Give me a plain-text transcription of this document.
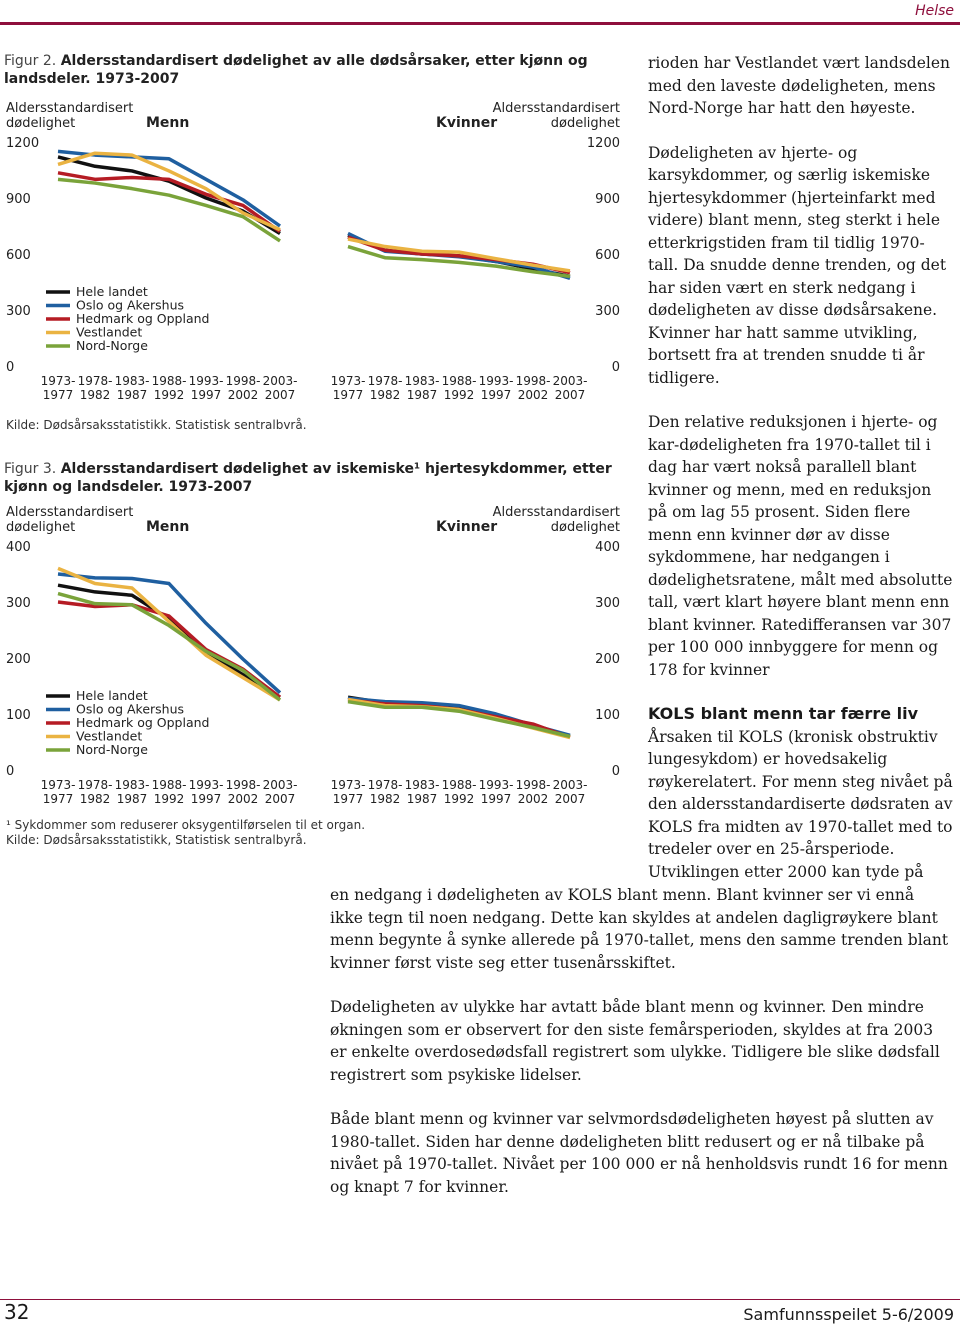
Helse
Figur 2. Aldersstandardisert dødelighet av alle dødsårsaker, etter kjønn og landsdeler. 1973-2007
Aldersstandardisert
dødelighet
Aldersstandardisert
dødelighet
Menn	Kvinner
0	0
300	300
600	600
900	900
1200	1200
1973-
1977
1978-
1982
1983-
1987
1988-
1992
1993-
1997
1998-
2002
2003-
2007
1973-
1977
1978-
1982
1983-
1987
1988-
1992
1993-
1997
1998-
2002
2003-
2007
Hele landet
Oslo og Akershus
Hedmark og Oppland
Vestlandet
Nord-Norge
Kilde: Dødsårsaksstatistikk. Statistisk sentralbvrå.
Figur 3. Aldersstandardisert dødelighet av iskemiske¹ hjertesykdommer, etter kjønn og landsdeler. 1973-2007
Aldersstandardisert
dødelighet
Aldersstandardisert
dødelighet
Menn	Kvinner
0	0
100	100
200	200
300	300
400	400
1973-
1977
1978-
1982
1983-
1987
1988-
1992
1993-
1997
1998-
2002
2003-
2007
1973-
1977
1978-
1982
1983-
1987
1988-
1992
1993-
1997
1998-
2002
2003-
2007
Hele landet
Oslo og Akershus
Hedmark og Oppland
Vestlandet
Nord-Norge
¹ Sykdommer som reduserer oksygentilførselen til et organ.
Kilde: Dødsårsaksstatistikk, Statistisk sentralbyrå.

rioden har Vestlandet vært landsdelen med den laveste dødeligheten, mens Nord-Norge har hatt den høyeste.

Dødeligheten av hjerte- og karsykdommer, og særlig iskemiske hjertesykdommer (hjerteinfarkt med videre) blant menn, steg sterkt i hele etterkrigstiden fram til tidlig 1970-tall. Da snudde denne trenden, og det har siden vært en sterk nedgang i dødeligheten av disse dødsårsakene. Kvinner har hatt samme utvikling, bortsett fra at trenden snudde ti år tidligere.

Den relative reduksjonen i hjerte- og kar-dødeligheten fra 1970-tallet til i dag har vært nokså parallell blant kvinner og menn, med en reduksjon på om lag 55 prosent. Siden flere menn enn kvinner dør av disse sykdommene, har nedgangen i dødelighetsratene, målt med absolutte tall, vært klart høyere blant menn enn blant kvinner. Ratedifferansen var 307 per 100 000 innbyggere for menn og 178 for kvinner

KOLS blant menn tar færre liv

Årsaken til KOLS (kronisk obstruktiv lungesykdom) er hovedsakelig røykerelatert. For menn steg nivået på den aldersstandardiserte dødsraten av KOLS fra midten av 1970-tallet med to tredeler over en 25-årsperiode. Utviklingen etter 2000 kan tyde på

en nedgang i dødeligheten av KOLS blant menn. Blant kvinner ser vi ennå ikke tegn til noen nedgang. Dette kan skyldes at andelen dagligrøykere blant menn begynte å synke allerede på 1970-tallet, mens den samme trenden blant kvinner først viste seg etter tusenårsskiftet.

Dødeligheten av ulykke har avtatt både blant menn og kvinner. Den mindre økningen som er observert for den siste femårsperioden, skyldes at fra 2003 er enkelte overdosedødsfall registrert som ulykke. Tidligere ble slike dødsfall registrert som psykiske lidelser.

Både blant menn og kvinner var selvmordsdødeligheten høyest på slutten av 1980-tallet. Siden har denne dødeligheten blitt redusert og er nå tilbake på nivået på 1970-tallet. Nivået per 100 000 er nå henholdsvis rundt 16 for menn og knapt 7 for kvinner.

32	Samfunnsspeilet 5-6/2009
